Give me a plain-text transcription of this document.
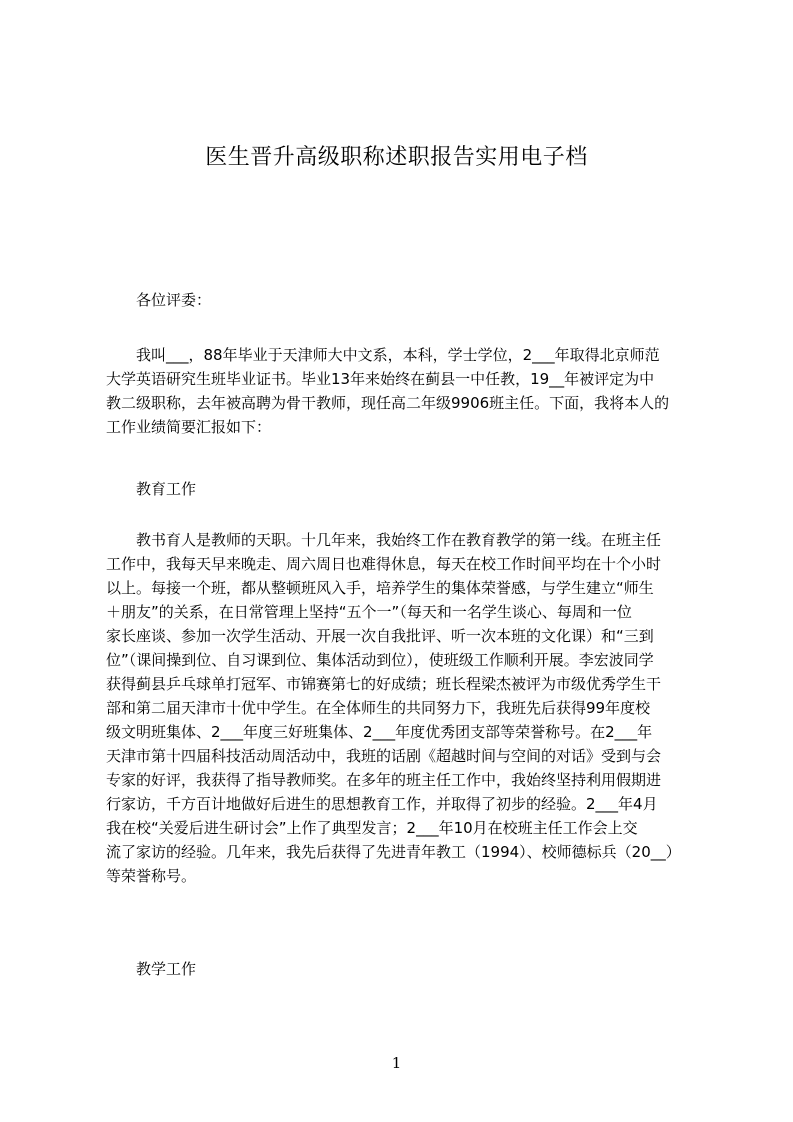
医生晋升高级职称述职报告实用电子档
各位评委：
　　我叫___，88年毕业于天津师大中文系，本科，学士学位，2___年取得北京师范
大学英语研究生班毕业证书。毕业13年来始终在蓟县一中任教，19__年被评定为中
教二级职称，去年被高聘为骨干教师，现任高二年级9906班主任。下面，我将本人的
工作业绩简要汇报如下：
教育工作
　　教书育人是教师的天职。十几年来，我始终工作在教育教学的第一线。在班主任
工作中，我每天早来晚走、周六周日也难得休息，每天在校工作时间平均在十个小时
以上。每接一个班，都从整顿班风入手，培养学生的集体荣誉感，与学生建立“师生
＋朋友”的关系，在日常管理上坚持“五个一”（每天和一名学生谈心、每周和一位
家长座谈、参加一次学生活动、开展一次自我批评、听一次本班的文化课）和“三到
位”（课间操到位、自习课到位、集体活动到位），使班级工作顺利开展。李宏波同学
获得蓟县乒乓球单打冠军、市锦赛第七的好成绩；班长程梁杰被评为市级优秀学生干
部和第二届天津市十优中学生。在全体师生的共同努力下，我班先后获得99年度校
级文明班集体、2___年度三好班集体、2___年度优秀团支部等荣誉称号。在2___年
天津市第十四届科技活动周活动中，我班的话剧《超越时间与空间的对话》受到与会
专家的好评，我获得了指导教师奖。在多年的班主任工作中，我始终坚持利用假期进
行家访，千方百计地做好后进生的思想教育工作，并取得了初步的经验。2___年4月
我在校“关爱后进生研讨会”上作了典型发言；2___年10月在校班主任工作会上交
流了家访的经验。几年来，我先后获得了先进青年教工（1994）、校师德标兵（20__）
等荣誉称号。
教学工作
1
